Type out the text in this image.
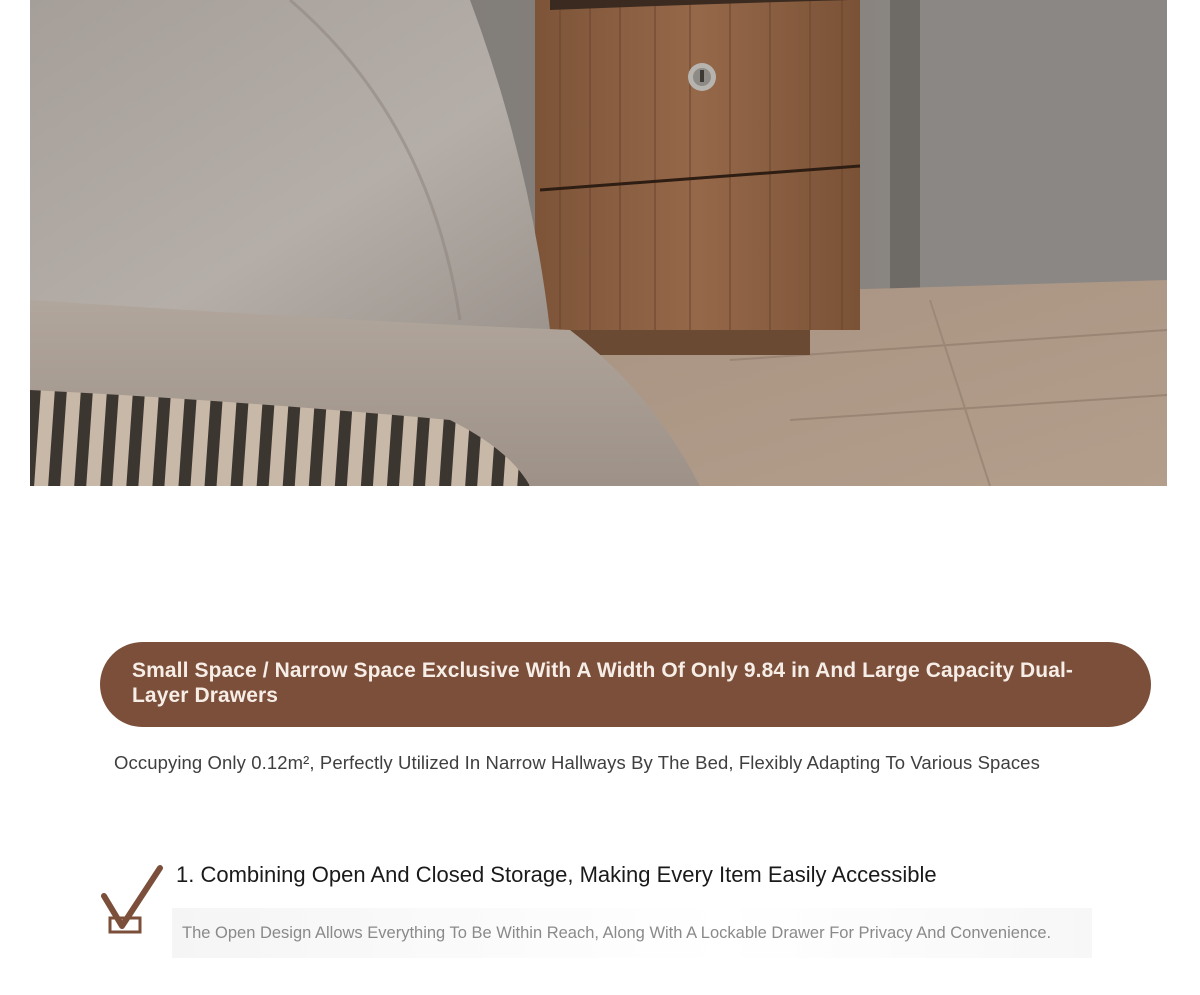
Small Space / Narrow Space Exclusive With A Width Of Only 9.84 in And Large Capacity Dual-Layer Drawers

Occupying Only 0.12m², Perfectly Utilized In Narrow Hallways By The Bed, Flexibly Adapting To Various Spaces

1. Combining Open And Closed Storage, Making Every Item Easily Accessible

The Open Design Allows Everything To Be Within Reach, Along With A Lockable Drawer For Privacy And Convenience.
